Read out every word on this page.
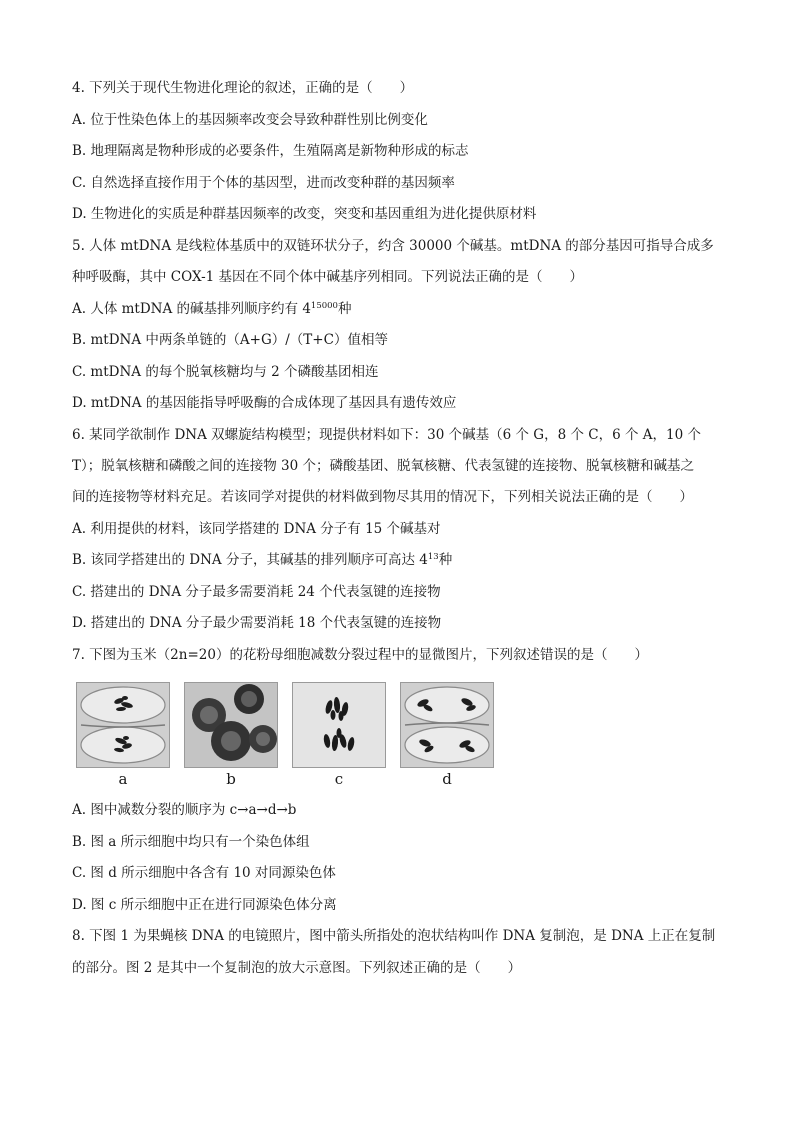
4. 下列关于现代生物进化理论的叙述，正确的是（　　）
A. 位于性染色体上的基因频率改变会导致种群性别比例变化
B. 地理隔离是物种形成的必要条件，生殖隔离是新物种形成的标志
C. 自然选择直接作用于个体的基因型，进而改变种群的基因频率
D. 生物进化的实质是种群基因频率的改变，突变和基因重组为进化提供原材料
5. 人体 mtDNA 是线粒体基质中的双链环状分子，约含 30000 个碱基。mtDNA 的部分基因可指导合成多
种呼吸酶，其中 COX-1 基因在不同个体中碱基序列相同。下列说法正确的是（　　）
A. 人体 mtDNA 的碱基排列顺序约有 $4^{15000}$种
B. mtDNA 中两条单链的（A+G）/（T+C）值相等
C. mtDNA 的每个脱氧核糖均与 2 个磷酸基团相连
D. mtDNA 的基因能指导呼吸酶的合成体现了基因具有遗传效应
6. 某同学欲制作 DNA 双螺旋结构模型；现提供材料如下：30 个碱基（6 个 G，8 个 C，6 个 A，10 个
T）；脱氧核糖和磷酸之间的连接物 30 个；磷酸基团、脱氧核糖、代表氢键的连接物、脱氧核糖和碱基之
间的连接物等材料充足。若该同学对提供的材料做到物尽其用的情况下，下列相关说法正确的是（　　）
A. 利用提供的材料，该同学搭建的 DNA 分子有 15 个碱基对
B. 该同学搭建出的 DNA 分子，其碱基的排列顺序可高达 $4^{13}$种
C. 搭建出的 DNA 分子最多需要消耗 24 个代表氢键的连接物
D. 搭建出的 DNA 分子最少需要消耗 18 个代表氢键的连接物
7. 下图为玉米（2n=20）的花粉母细胞减数分裂过程中的显微图片，下列叙述错误的是（　　）
a	b	c	d
A. 图中减数分裂的顺序为 c→a→d→b
B. 图 a 所示细胞中均只有一个染色体组
C. 图 d 所示细胞中各含有 10 对同源染色体
D. 图 c 所示细胞中正在进行同源染色体分离
8. 下图 1 为果蝇核 DNA 的电镜照片，图中箭头所指处的泡状结构叫作 DNA 复制泡，是 DNA 上正在复制
的部分。图 2 是其中一个复制泡的放大示意图。下列叙述正确的是（　　）
